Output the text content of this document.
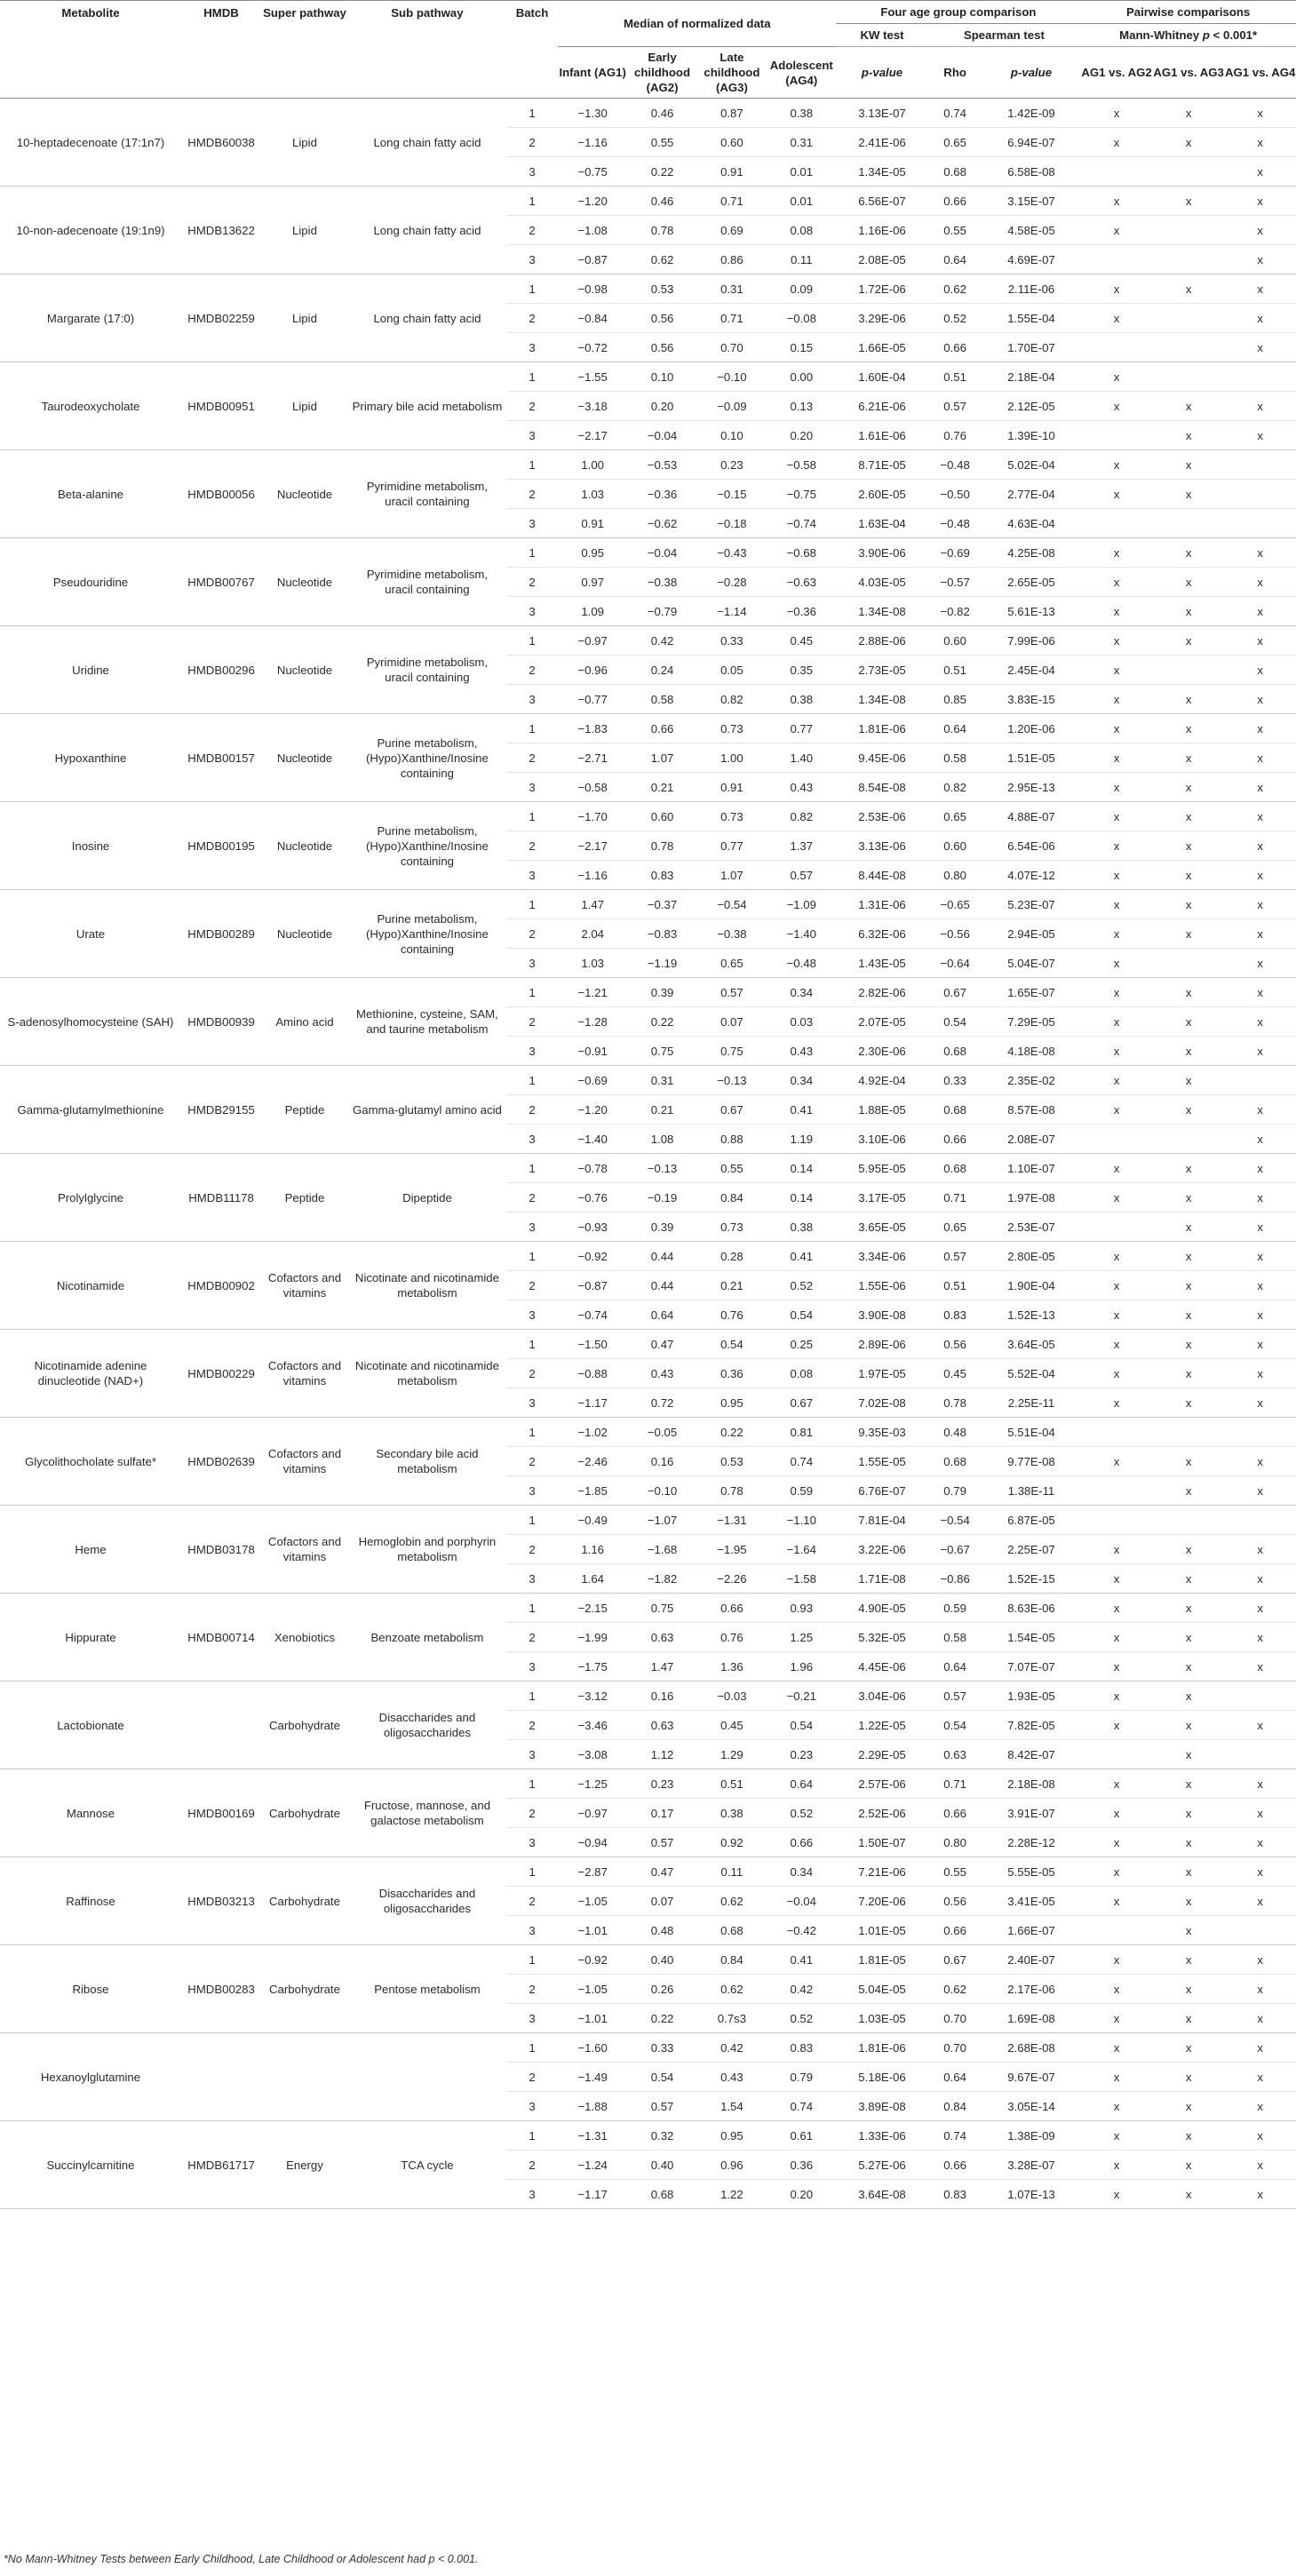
Metabolite	HMDB	Super pathway	Sub pathway	Batch	Median of normalized data				Four age group comparison			Pairwise comparisons		
									KW test	Spearman test		Mann-Whitney p < 0.001*		
					Infant (AG1)	Early childhood (AG2)	Late childhood (AG3)	Adolescent (AG4)	p-value	Rho	p-value	AG1 vs. AG2	AG1 vs. AG3	AG1 vs. AG4
10-heptadecenoate (17:1n7)	HMDB60038	Lipid	Long chain fatty acid	1	−1.30	0.46	0.87	0.38	3.13E-07	0.74	1.42E-09	x	x	x
				2	−1.16	0.55	0.60	0.31	2.41E-06	0.65	6.94E-07	x	x	x
				3	−0.75	0.22	0.91	0.01	1.34E-05	0.68	6.58E-08			x
10-non-adecenoate (19:1n9)	HMDB13622	Lipid	Long chain fatty acid	1	−1.20	0.46	0.71	0.01	6.56E-07	0.66	3.15E-07	x	x	x
				2	−1.08	0.78	0.69	0.08	1.16E-06	0.55	4.58E-05	x		x
				3	−0.87	0.62	0.86	0.11	2.08E-05	0.64	4.69E-07			x
Margarate (17:0)	HMDB02259	Lipid	Long chain fatty acid	1	−0.98	0.53	0.31	0.09	1.72E-06	0.62	2.11E-06	x	x	x
				2	−0.84	0.56	0.71	−0.08	3.29E-06	0.52	1.55E-04	x		x
				3	−0.72	0.56	0.70	0.15	1.66E-05	0.66	1.70E-07			x
Taurodeoxycholate	HMDB00951	Lipid	Primary bile acid metabolism	1	−1.55	0.10	−0.10	0.00	1.60E-04	0.51	2.18E-04	x		
				2	−3.18	0.20	−0.09	0.13	6.21E-06	0.57	2.12E-05	x	x	x
				3	−2.17	−0.04	0.10	0.20	1.61E-06	0.76	1.39E-10		x	x
Beta-alanine	HMDB00056	Nucleotide	Pyrimidine metabolism, uracil containing	1	1.00	−0.53	0.23	−0.58	8.71E-05	−0.48	5.02E-04	x	x	
				2	1.03	−0.36	−0.15	−0.75	2.60E-05	−0.50	2.77E-04	x	x	
				3	0.91	−0.62	−0.18	−0.74	1.63E-04	−0.48	4.63E-04			
Pseudouridine	HMDB00767	Nucleotide	Pyrimidine metabolism, uracil containing	1	0.95	−0.04	−0.43	−0.68	3.90E-06	−0.69	4.25E-08	x	x	x
				2	0.97	−0.38	−0.28	−0.63	4.03E-05	−0.57	2.65E-05	x	x	x
				3	1.09	−0.79	−1.14	−0.36	1.34E-08	−0.82	5.61E-13	x	x	x
Uridine	HMDB00296	Nucleotide	Pyrimidine metabolism, uracil containing	1	−0.97	0.42	0.33	0.45	2.88E-06	0.60	7.99E-06	x	x	x
				2	−0.96	0.24	0.05	0.35	2.73E-05	0.51	2.45E-04	x		x
				3	−0.77	0.58	0.82	0.38	1.34E-08	0.85	3.83E-15	x	x	x
Hypoxanthine	HMDB00157	Nucleotide	Purine metabolism, (Hypo)Xanthine/Inosine containing	1	−1.83	0.66	0.73	0.77	1.81E-06	0.64	1.20E-06	x	x	x
				2	−2.71	1.07	1.00	1.40	9.45E-06	0.58	1.51E-05	x	x	x
				3	−0.58	0.21	0.91	0.43	8.54E-08	0.82	2.95E-13	x	x	x
Inosine	HMDB00195	Nucleotide	Purine metabolism, (Hypo)Xanthine/Inosine containing	1	−1.70	0.60	0.73	0.82	2.53E-06	0.65	4.88E-07	x	x	x
				2	−2.17	0.78	0.77	1.37	3.13E-06	0.60	6.54E-06	x	x	x
				3	−1.16	0.83	1.07	0.57	8.44E-08	0.80	4.07E-12	x	x	x
Urate	HMDB00289	Nucleotide	Purine metabolism, (Hypo)Xanthine/Inosine containing	1	1.47	−0.37	−0.54	−1.09	1.31E-06	−0.65	5.23E-07	x	x	x
				2	2.04	−0.83	−0.38	−1.40	6.32E-06	−0.56	2.94E-05	x	x	x
				3	1.03	−1.19	0.65	−0.48	1.43E-05	−0.64	5.04E-07	x		x
S-adenosylhomocysteine (SAH)	HMDB00939	Amino acid	Methionine, cysteine, SAM, and taurine metabolism	1	−1.21	0.39	0.57	0.34	2.82E-06	0.67	1.65E-07	x	x	x
				2	−1.28	0.22	0.07	0.03	2.07E-05	0.54	7.29E-05	x	x	x
				3	−0.91	0.75	0.75	0.43	2.30E-06	0.68	4.18E-08	x	x	x
Gamma-glutamylmethionine	HMDB29155	Peptide	Gamma-glutamyl amino acid	1	−0.69	0.31	−0.13	0.34	4.92E-04	0.33	2.35E-02	x	x	
				2	−1.20	0.21	0.67	0.41	1.88E-05	0.68	8.57E-08	x	x	x
				3	−1.40	1.08	0.88	1.19	3.10E-06	0.66	2.08E-07			x
Prolylglycine	HMDB11178	Peptide	Dipeptide	1	−0.78	−0.13	0.55	0.14	5.95E-05	0.68	1.10E-07	x	x	x
				2	−0.76	−0.19	0.84	0.14	3.17E-05	0.71	1.97E-08	x	x	x
				3	−0.93	0.39	0.73	0.38	3.65E-05	0.65	2.53E-07		x	x
Nicotinamide	HMDB00902	Cofactors and vitamins	Nicotinate and nicotinamide metabolism	1	−0.92	0.44	0.28	0.41	3.34E-06	0.57	2.80E-05	x	x	x
				2	−0.87	0.44	0.21	0.52	1.55E-06	0.51	1.90E-04	x	x	x
				3	−0.74	0.64	0.76	0.54	3.90E-08	0.83	1.52E-13	x	x	x
Nicotinamide adenine dinucleotide (NAD+)	HMDB00229	Cofactors and vitamins	Nicotinate and nicotinamide metabolism	1	−1.50	0.47	0.54	0.25	2.89E-06	0.56	3.64E-05	x	x	x
				2	−0.88	0.43	0.36	0.08	1.97E-05	0.45	5.52E-04	x	x	x
				3	−1.17	0.72	0.95	0.67	7.02E-08	0.78	2.25E-11	x	x	x
Glycolithocholate sulfate*	HMDB02639	Cofactors and vitamins	Secondary bile acid metabolism	1	−1.02	−0.05	0.22	0.81	9.35E-03	0.48	5.51E-04			
				2	−2.46	0.16	0.53	0.74	1.55E-05	0.68	9.77E-08	x	x	x
				3	−1.85	−0.10	0.78	0.59	6.76E-07	0.79	1.38E-11		x	x
Heme	HMDB03178	Cofactors and vitamins	Hemoglobin and porphyrin metabolism	1	−0.49	−1.07	−1.31	−1.10	7.81E-04	−0.54	6.87E-05			
				2	1.16	−1.68	−1.95	−1.64	3.22E-06	−0.67	2.25E-07	x	x	x
				3	1.64	−1.82	−2.26	−1.58	1.71E-08	−0.86	1.52E-15	x	x	x
Hippurate	HMDB00714	Xenobiotics	Benzoate metabolism	1	−2.15	0.75	0.66	0.93	4.90E-05	0.59	8.63E-06	x	x	x
				2	−1.99	0.63	0.76	1.25	5.32E-05	0.58	1.54E-05	x	x	x
				3	−1.75	1.47	1.36	1.96	4.45E-06	0.64	7.07E-07	x	x	x
Lactobionate		Carbohydrate	Disaccharides and oligosaccharides	1	−3.12	0.16	−0.03	−0.21	3.04E-06	0.57	1.93E-05	x	x	
				2	−3.46	0.63	0.45	0.54	1.22E-05	0.54	7.82E-05	x	x	x
				3	−3.08	1.12	1.29	0.23	2.29E-05	0.63	8.42E-07		x	
Mannose	HMDB00169	Carbohydrate	Fructose, mannose, and galactose metabolism	1	−1.25	0.23	0.51	0.64	2.57E-06	0.71	2.18E-08	x	x	x
				2	−0.97	0.17	0.38	0.52	2.52E-06	0.66	3.91E-07	x	x	x
				3	−0.94	0.57	0.92	0.66	1.50E-07	0.80	2.28E-12	x	x	x
Raffinose	HMDB03213	Carbohydrate	Disaccharides and oligosaccharides	1	−2.87	0.47	0.11	0.34	7.21E-06	0.55	5.55E-05	x	x	x
				2	−1.05	0.07	0.62	−0.04	7.20E-06	0.56	3.41E-05	x	x	x
				3	−1.01	0.48	0.68	−0.42	1.01E-05	0.66	1.66E-07		x	
Ribose	HMDB00283	Carbohydrate	Pentose metabolism	1	−0.92	0.40	0.84	0.41	1.81E-05	0.67	2.40E-07	x	x	x
				2	−1.05	0.26	0.62	0.42	5.04E-05	0.62	2.17E-06	x	x	x
				3	−1.01	0.22	0.7s3	0.52	1.03E-05	0.70	1.69E-08	x	x	x
Hexanoylglutamine				1	−1.60	0.33	0.42	0.83	1.81E-06	0.70	2.68E-08	x	x	x
				2	−1.49	0.54	0.43	0.79	5.18E-06	0.64	9.67E-07	x	x	x
				3	−1.88	0.57	1.54	0.74	3.89E-08	0.84	3.05E-14	x	x	x
Succinylcarnitine	HMDB61717	Energy	TCA cycle	1	−1.31	0.32	0.95	0.61	1.33E-06	0.74	1.38E-09	x	x	x
				2	−1.24	0.40	0.96	0.36	5.27E-06	0.66	3.28E-07	x	x	x
				3	−1.17	0.68	1.22	0.20	3.64E-08	0.83	1.07E-13	x	x	x
*No Mann-Whitney Tests between Early Childhood, Late Childhood or Adolescent had p < 0.001.
